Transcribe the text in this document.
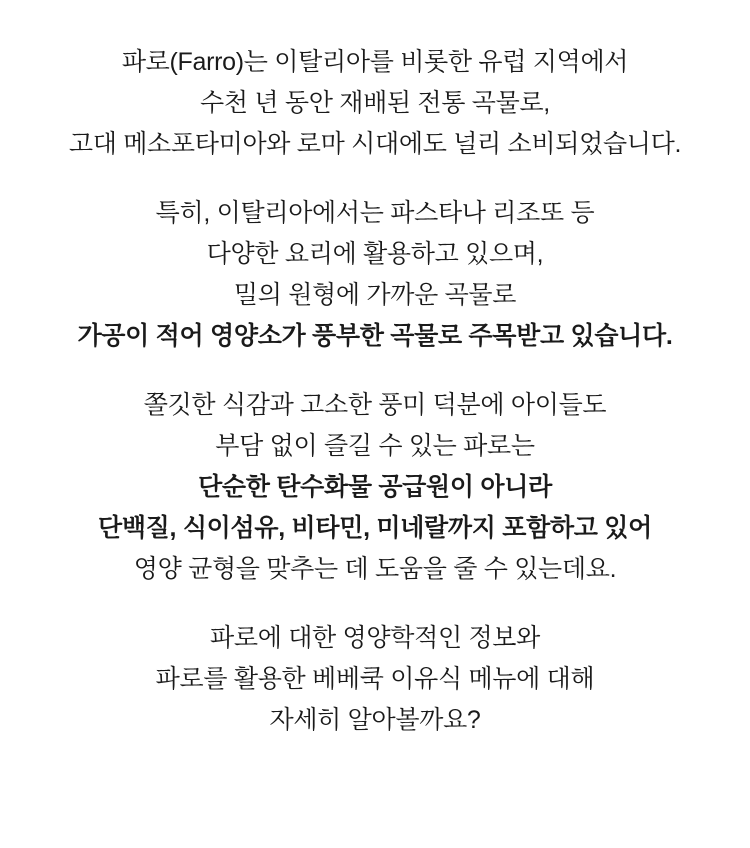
파로(Farro)는 이탈리아를 비롯한 유럽 지역에서
수천 년 동안 재배된 전통 곡물로,
고대 메소포타미아와 로마 시대에도 널리 소비되었습니다.
특히, 이탈리아에서는 파스타나 리조또 등
다양한 요리에 활용하고 있으며,
밀의 원형에 가까운 곡물로
가공이 적어 영양소가 풍부한 곡물로 주목받고 있습니다.
쫄깃한 식감과 고소한 풍미 덕분에 아이들도
부담 없이 즐길 수 있는 파로는
단순한 탄수화물 공급원이 아니라
단백질, 식이섬유, 비타민, 미네랄까지 포함하고 있어
영양 균형을 맞추는 데 도움을 줄 수 있는데요.
파로에 대한 영양학적인 정보와
파로를 활용한 베베쿡 이유식 메뉴에 대해
자세히 알아볼까요?
